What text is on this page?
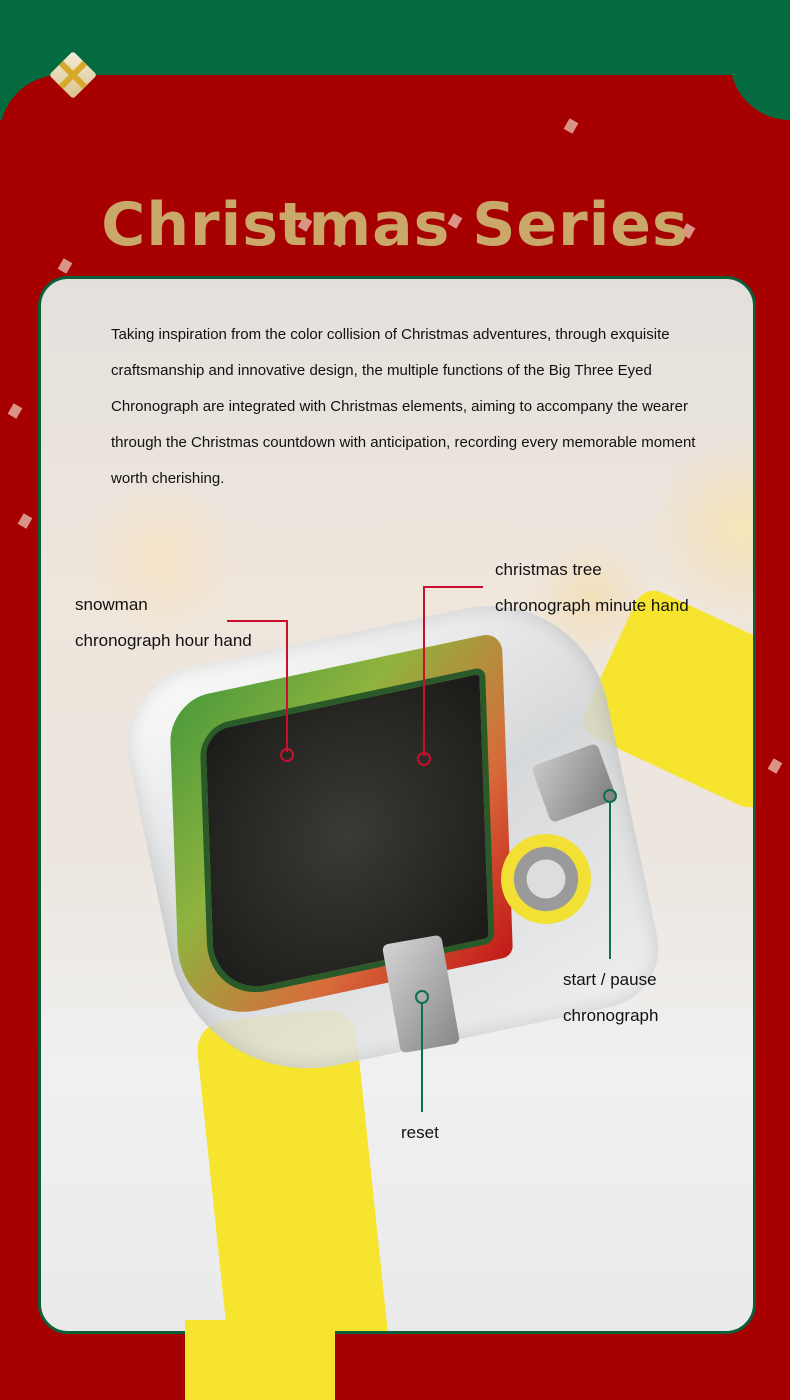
Christmas Series

Taking inspiration from the color collision of Christmas adventures, through exquisite craftsmanship and innovative design, the multiple functions of the Big Three Eyed Chronograph are integrated with Christmas elements, aiming to accompany the wearer through the Christmas countdown with anticipation, recording every memorable moment worth cherishing.

snowman
chronograph hour hand
christmas tree
chronograph minute hand
start / pause
chronograph
reset
